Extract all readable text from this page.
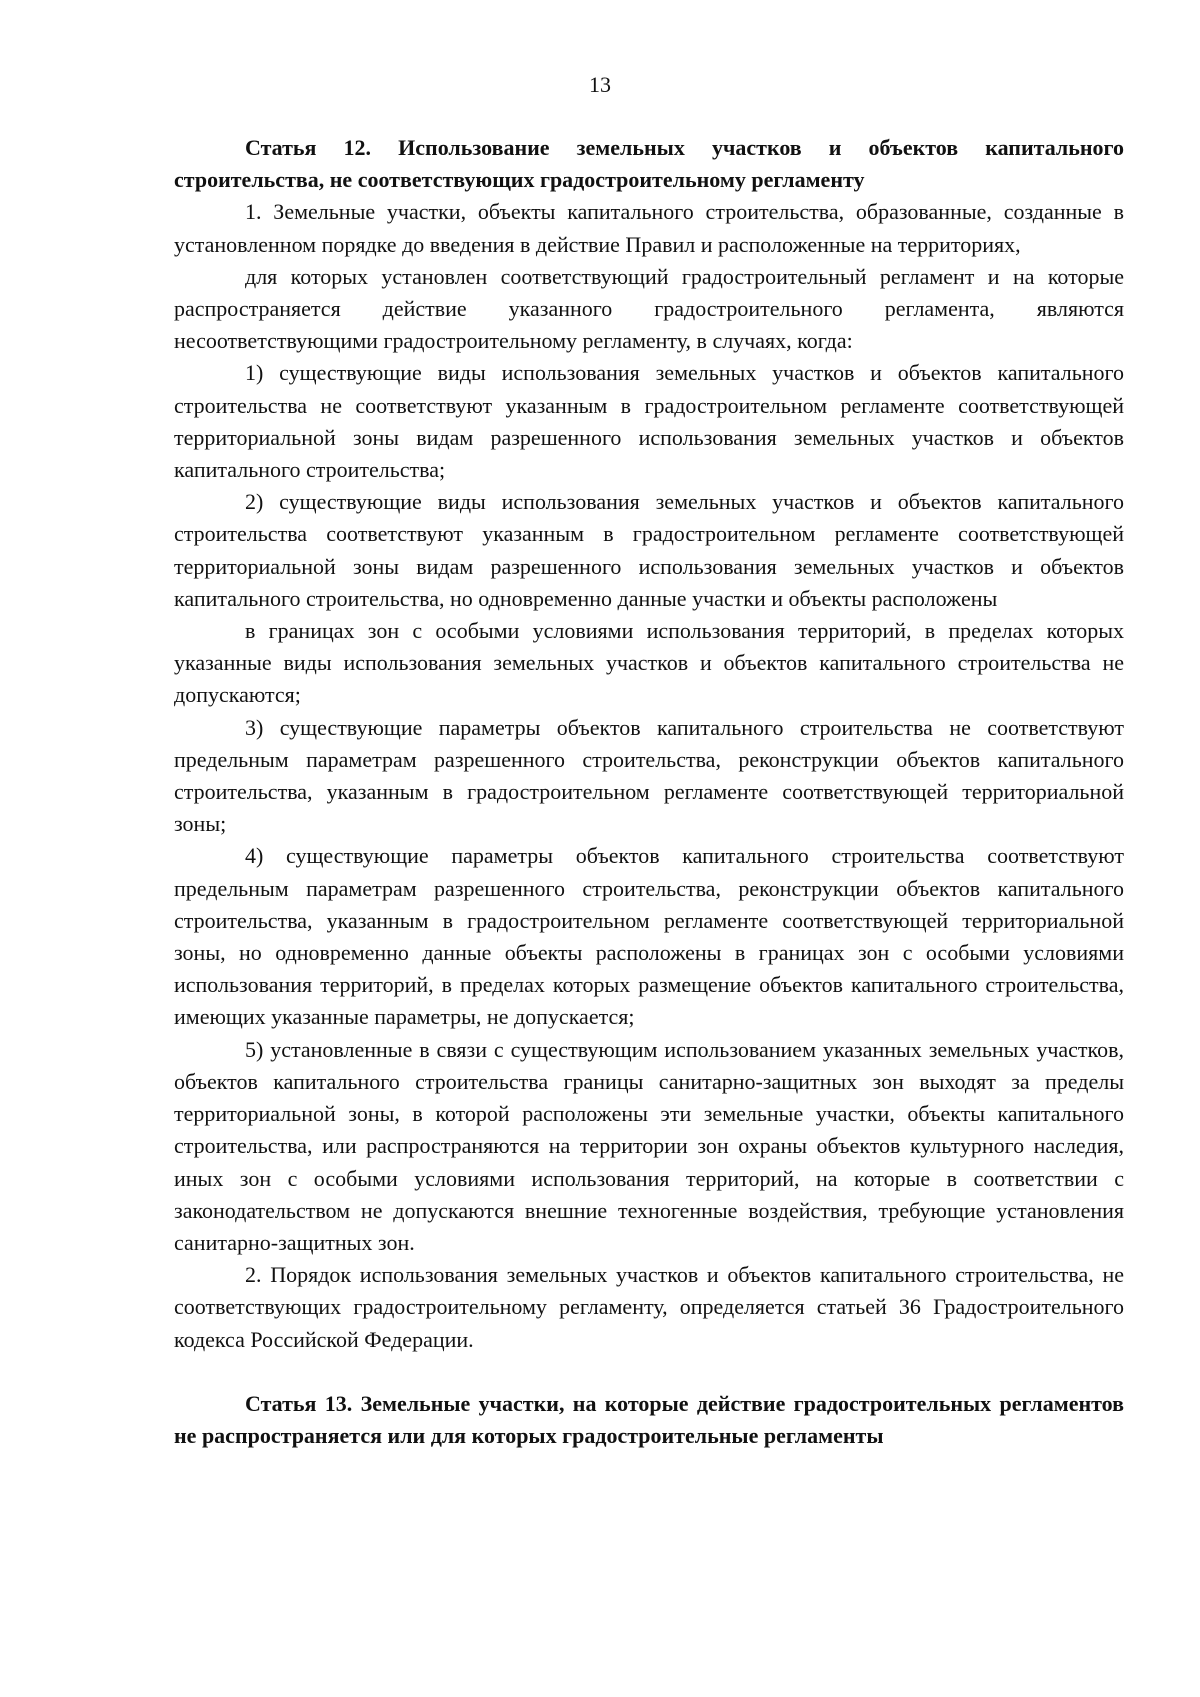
13

Статья 12. Использование земельных участков и объектов капитального строительства, не соответствующих градостроительному регламенту

1. Земельные участки, объекты капитального строительства, образованные, созданные в установленном порядке до введения в действие Правил и расположенные на территориях,

для которых установлен соответствующий градостроительный регламент и на которые распространяется действие указанного градостроительного регламента, являются несоответствующими градостроительному регламенту, в случаях, когда:

1) существующие виды использования земельных участков и объектов капитального строительства не соответствуют указанным в градостроительном регламенте соответствующей территориальной зоны видам разрешенного использования земельных участков и объектов капитального строительства;

2) существующие виды использования земельных участков и объектов капитального строительства соответствуют указанным в градостроительном регламенте соответствующей территориальной зоны видам разрешенного использования земельных участков и объектов капитального строительства, но одновременно данные участки и объекты расположены

в границах зон с особыми условиями использования территорий, в пределах которых указанные виды использования земельных участков и объектов капитального строительства не допускаются;

3) существующие параметры объектов капитального строительства не соответствуют предельным параметрам разрешенного строительства, реконструкции объектов капитального строительства, указанным в градостроительном регламенте соответствующей территориальной зоны;

4) существующие параметры объектов капитального строительства соответствуют предельным параметрам разрешенного строительства, реконструкции объектов капитального строительства, указанным в градостроительном регламенте соответствующей территориальной зоны, но одновременно данные объекты расположены в границах зон с особыми условиями использования территорий, в пределах которых размещение объектов капитального строительства, имеющих указанные параметры, не допускается;

5) установленные в связи с существующим использованием указанных земельных участков, объектов капитального строительства границы санитарно-защитных зон выходят за пределы территориальной зоны, в которой расположены эти земельные участки, объекты капитального строительства, или распространяются на территории зон охраны объектов культурного наследия, иных зон с особыми условиями использования территорий, на которые в соответствии с законодательством не допускаются внешние техногенные воздействия, требующие установления санитарно-защитных зон.

2. Порядок использования земельных участков и объектов капитального строительства, не соответствующих градостроительному регламенту, определяется статьей 36 Градостроительного кодекса Российской Федерации.

Статья 13. Земельные участки, на которые действие градостроительных регламентов не распространяется или для которых градостроительные регламенты
